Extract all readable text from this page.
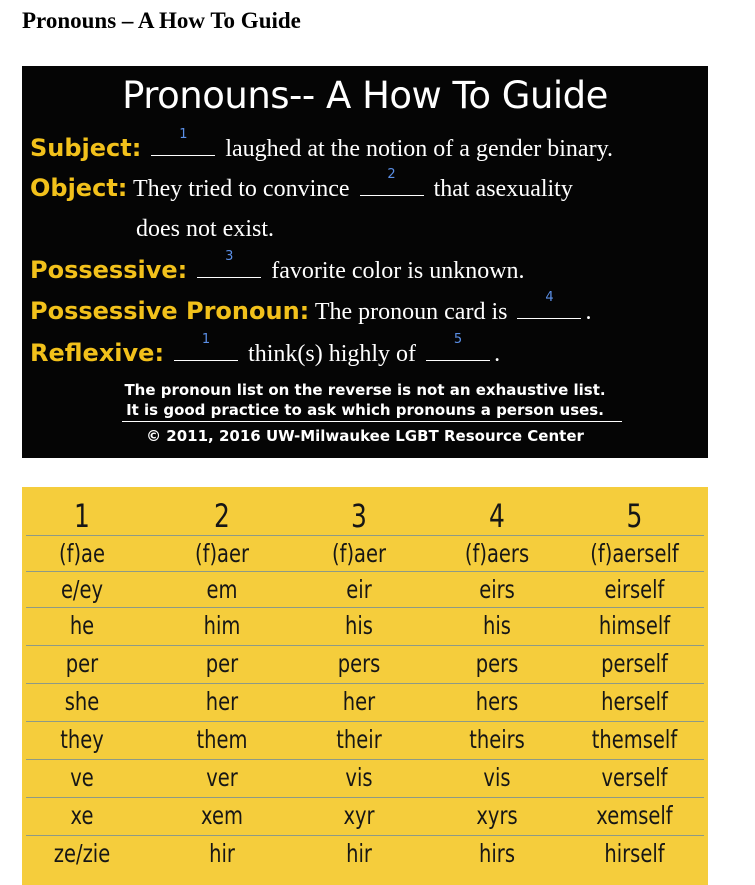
Pronouns – A How To Guide
Pronouns-- A How To Guide
Subject:	1
laughed at the notion of a gender binary.
Object: They tried to convince
2
that asexuality
does not exist.
Possessive:	3
favorite color is unknown.
Possessive Pronoun: The pronoun card is
4
.
Reflexive:	1
think(s) highly of
5
.
The pronoun list on the reverse is not an exhaustive list.
It is good practice to ask which pronouns a person uses.
© 2011, 2016 UW-Milwaukee LGBT Resource Center
1	2	3	4	5
(f)ae	(f)aer	(f)aer	(f)aers	(f)aerself
e/ey	em	eir	eirs	eirself
he	him	his	his	himself
per	per	pers	pers	perself
she	her	her	hers	herself
they	them	their	theirs	themself
ve	ver	vis	vis	verself
xe	xem	xyr	xyrs	xemself
ze/zie	hir	hir	hirs	hirself
